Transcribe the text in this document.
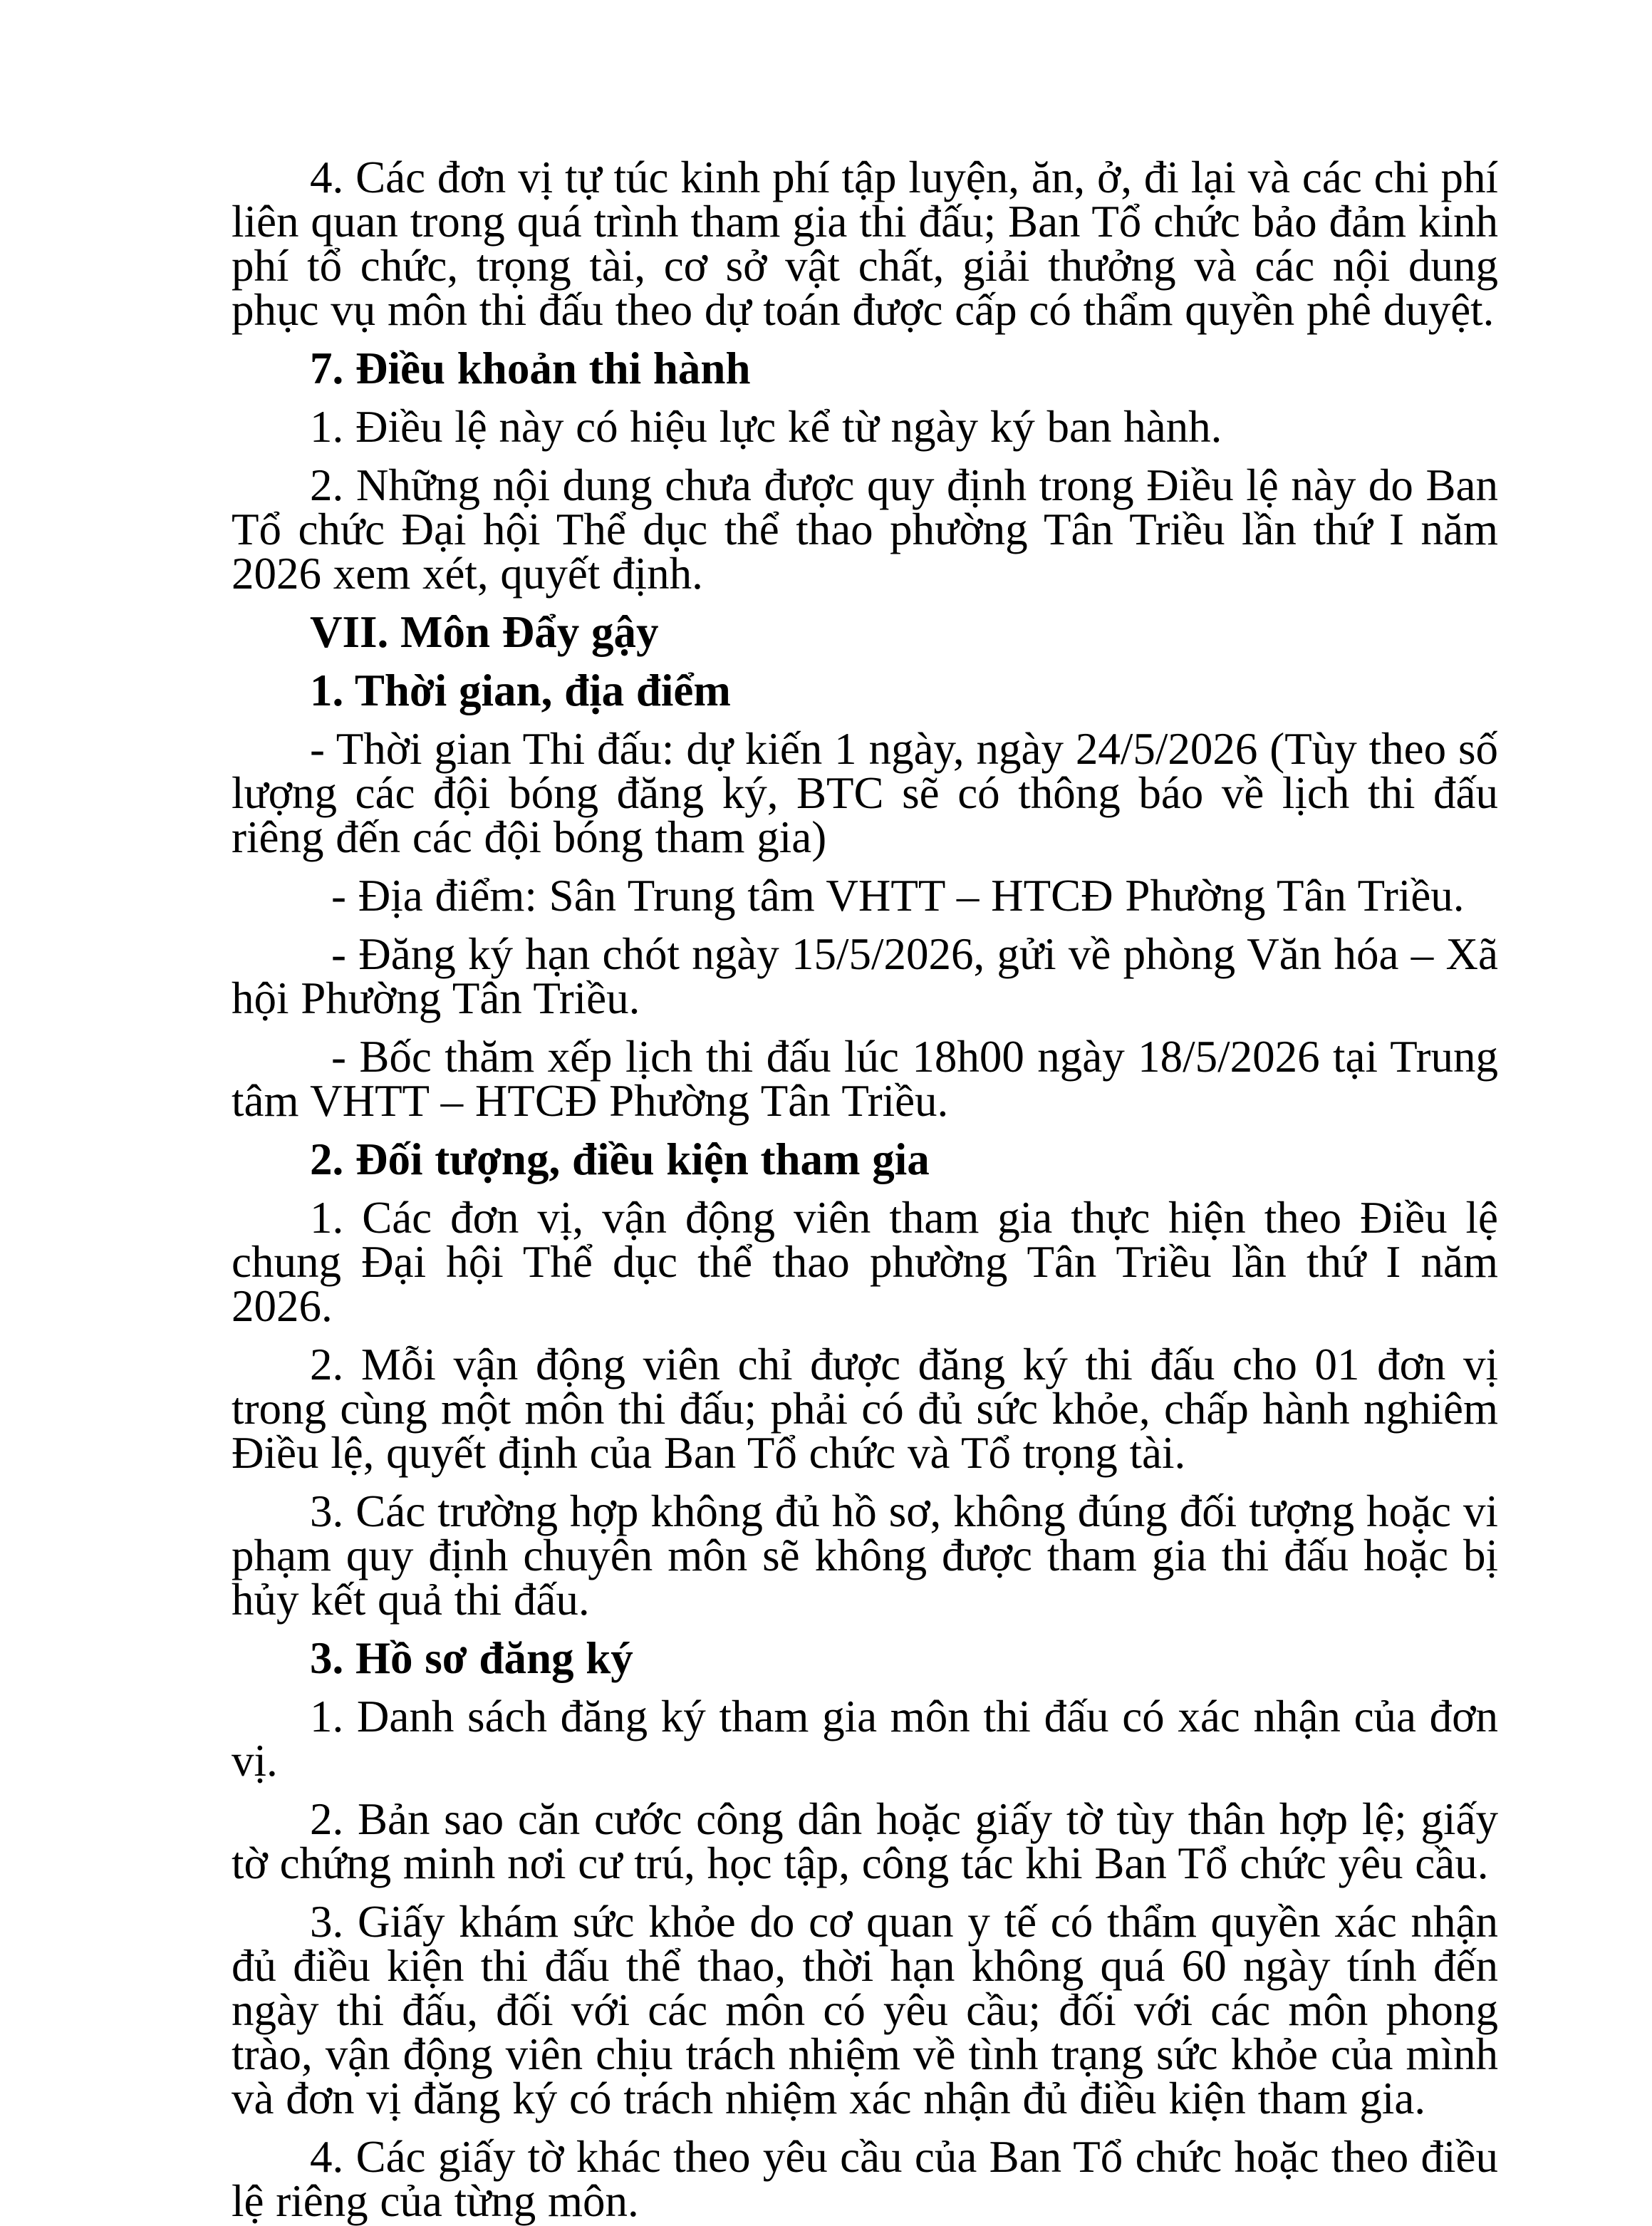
4. Các đơn vị tự túc kinh phí tập luyện, ăn, ở, đi lại và các chi phí liên quan trong quá trình tham gia thi đấu; Ban Tổ chức bảo đảm kinh phí tổ chức, trọng tài, cơ sở vật chất, giải thưởng và các nội dung phục vụ môn thi đấu theo dự toán được cấp có thẩm quyền phê duyệt.
7. Điều khoản thi hành
1. Điều lệ này có hiệu lực kể từ ngày ký ban hành.
2. Những nội dung chưa được quy định trong Điều lệ này do Ban Tổ chức Đại hội Thể dục thể thao phường Tân Triều lần thứ I năm 2026 xem xét, quyết định.
VII. Môn Đẩy gậy
1. Thời gian, địa điểm
- Thời gian Thi đấu: dự kiến 1 ngày, ngày 24/5/2026 (Tùy theo số lượng các đội bóng đăng ký, BTC sẽ có thông báo về lịch thi đấu riêng đến các đội bóng tham gia)
- Địa điểm: Sân Trung tâm VHTT – HTCĐ Phường Tân Triều.
- Đăng ký hạn chót ngày 15/5/2026, gửi về phòng Văn hóa – Xã hội Phường Tân Triều.
- Bốc thăm xếp lịch thi đấu lúc 18h00 ngày 18/5/2026 tại Trung tâm VHTT – HTCĐ Phường Tân Triều.
2. Đối tượng, điều kiện tham gia
1. Các đơn vị, vận động viên tham gia thực hiện theo Điều lệ chung Đại hội Thể dục thể thao phường Tân Triều lần thứ I năm 2026.
2. Mỗi vận động viên chỉ được đăng ký thi đấu cho 01 đơn vị trong cùng một môn thi đấu; phải có đủ sức khỏe, chấp hành nghiêm Điều lệ, quyết định của Ban Tổ chức và Tổ trọng tài.
3. Các trường hợp không đủ hồ sơ, không đúng đối tượng hoặc vi phạm quy định chuyên môn sẽ không được tham gia thi đấu hoặc bị hủy kết quả thi đấu.
3. Hồ sơ đăng ký
1. Danh sách đăng ký tham gia môn thi đấu có xác nhận của đơn vị.
2. Bản sao căn cước công dân hoặc giấy tờ tùy thân hợp lệ; giấy tờ chứng minh nơi cư trú, học tập, công tác khi Ban Tổ chức yêu cầu.
3. Giấy khám sức khỏe do cơ quan y tế có thẩm quyền xác nhận đủ điều kiện thi đấu thể thao, thời hạn không quá 60 ngày tính đến ngày thi đấu, đối với các môn có yêu cầu; đối với các môn phong trào, vận động viên chịu trách nhiệm về tình trạng sức khỏe của mình và đơn vị đăng ký có trách nhiệm xác nhận đủ điều kiện tham gia.
4. Các giấy tờ khác theo yêu cầu của Ban Tổ chức hoặc theo điều lệ riêng của từng môn.
